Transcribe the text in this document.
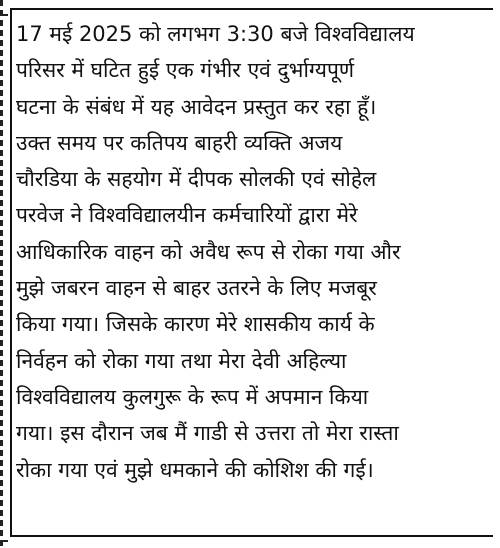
17 मई 2025 को लगभग 3:30 बजे विश्वविद्यालय
परिसर में घटित हुई एक गंभीर एवं दुर्भाग्यपूर्ण
घटना के संबंध में यह आवेदन प्रस्तुत कर रहा हूँ।
उक्त समय पर कतिपय बाहरी व्यक्ति अजय
चौरडिया के सहयोग में दीपक सोलकी एवं सोहेल
परवेज ने विश्वविद्यालयीन कर्मचारियों द्वारा मेरे
आधिकारिक वाहन को अवैध रूप से रोका गया और
मुझे जबरन वाहन से बाहर उतरने के लिए मजबूर
किया गया। जिसके कारण मेरे शासकीय कार्य के
निर्वहन को रोका गया तथा मेरा देवी अहिल्या
विश्वविद्यालय कुलगुरू के रूप में अपमान किया
गया। इस दौरान जब मैं गाडी से उत्तरा तो मेरा रास्ता
रोका गया एवं मुझे धमकाने की कोशिश की गई।
